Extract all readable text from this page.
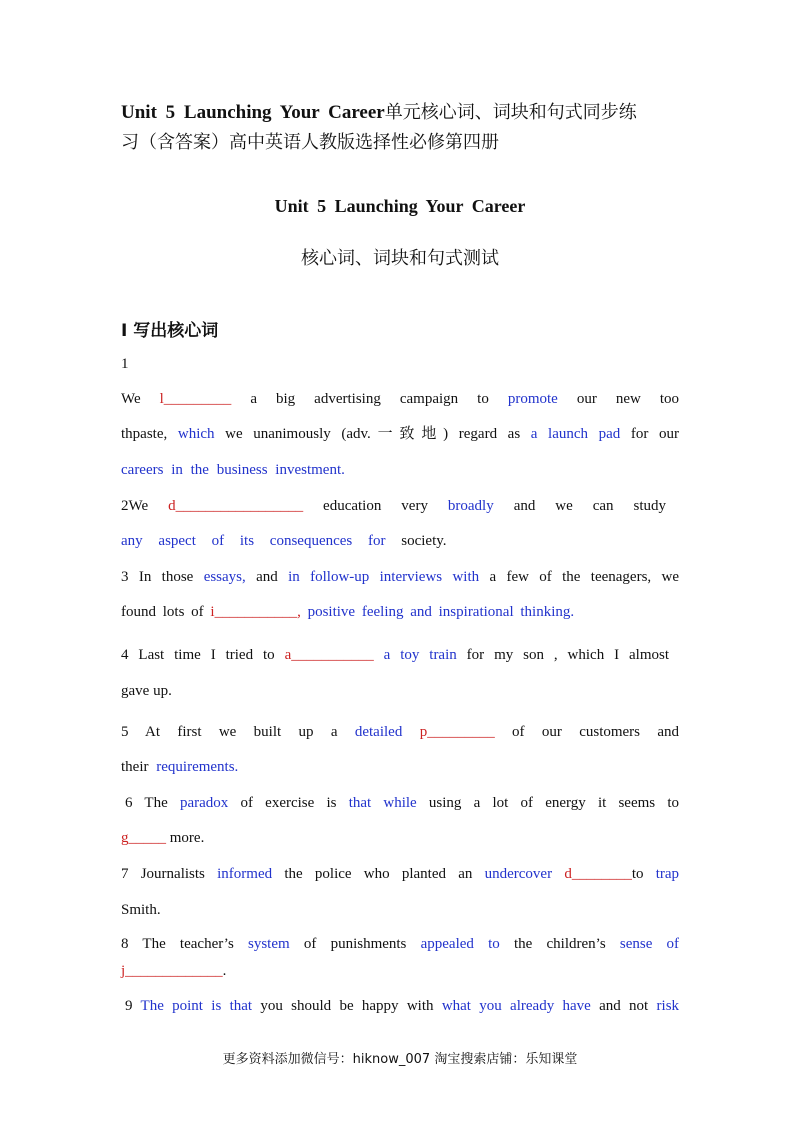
Unit 5 Launching Your Career单元核心词、词块和句式同步练
习（含答案）高中英语人教版选择性必修第四册
Unit 5 Launching Your Career
核心词、词块和句式测试
I 写出核心词
1
We l_________ a big advertising campaign to promote our new too
thpaste, which we unanimously (adv.一致地) regard as a launch pad for our
careers in the business investment.
2We d_________________ education very broadly and we can study
any aspect of its consequences for society.
3 In those essays, and in follow-up interviews with a few of the teenagers, we
found lots of i___________, positive feeling and inspirational thinking.
4 Last time I tried to a___________ a toy train for my son , which I almost
gave up.
5 At first we built up a detailed p_________ of our customers and
their requirements.
6 The paradox of exercise is that while using a lot of energy it seems to
g_____ more.
7 Journalists informed the police who planted an undercover d________to trap
Smith.
8 The teacher’s system of punishments appealed to the children’s sense of
j_____________.
9 The point is that you should be happy with what you already have and not risk
更多资料添加微信号：hiknow_007 淘宝搜索店铺：乐知课堂
